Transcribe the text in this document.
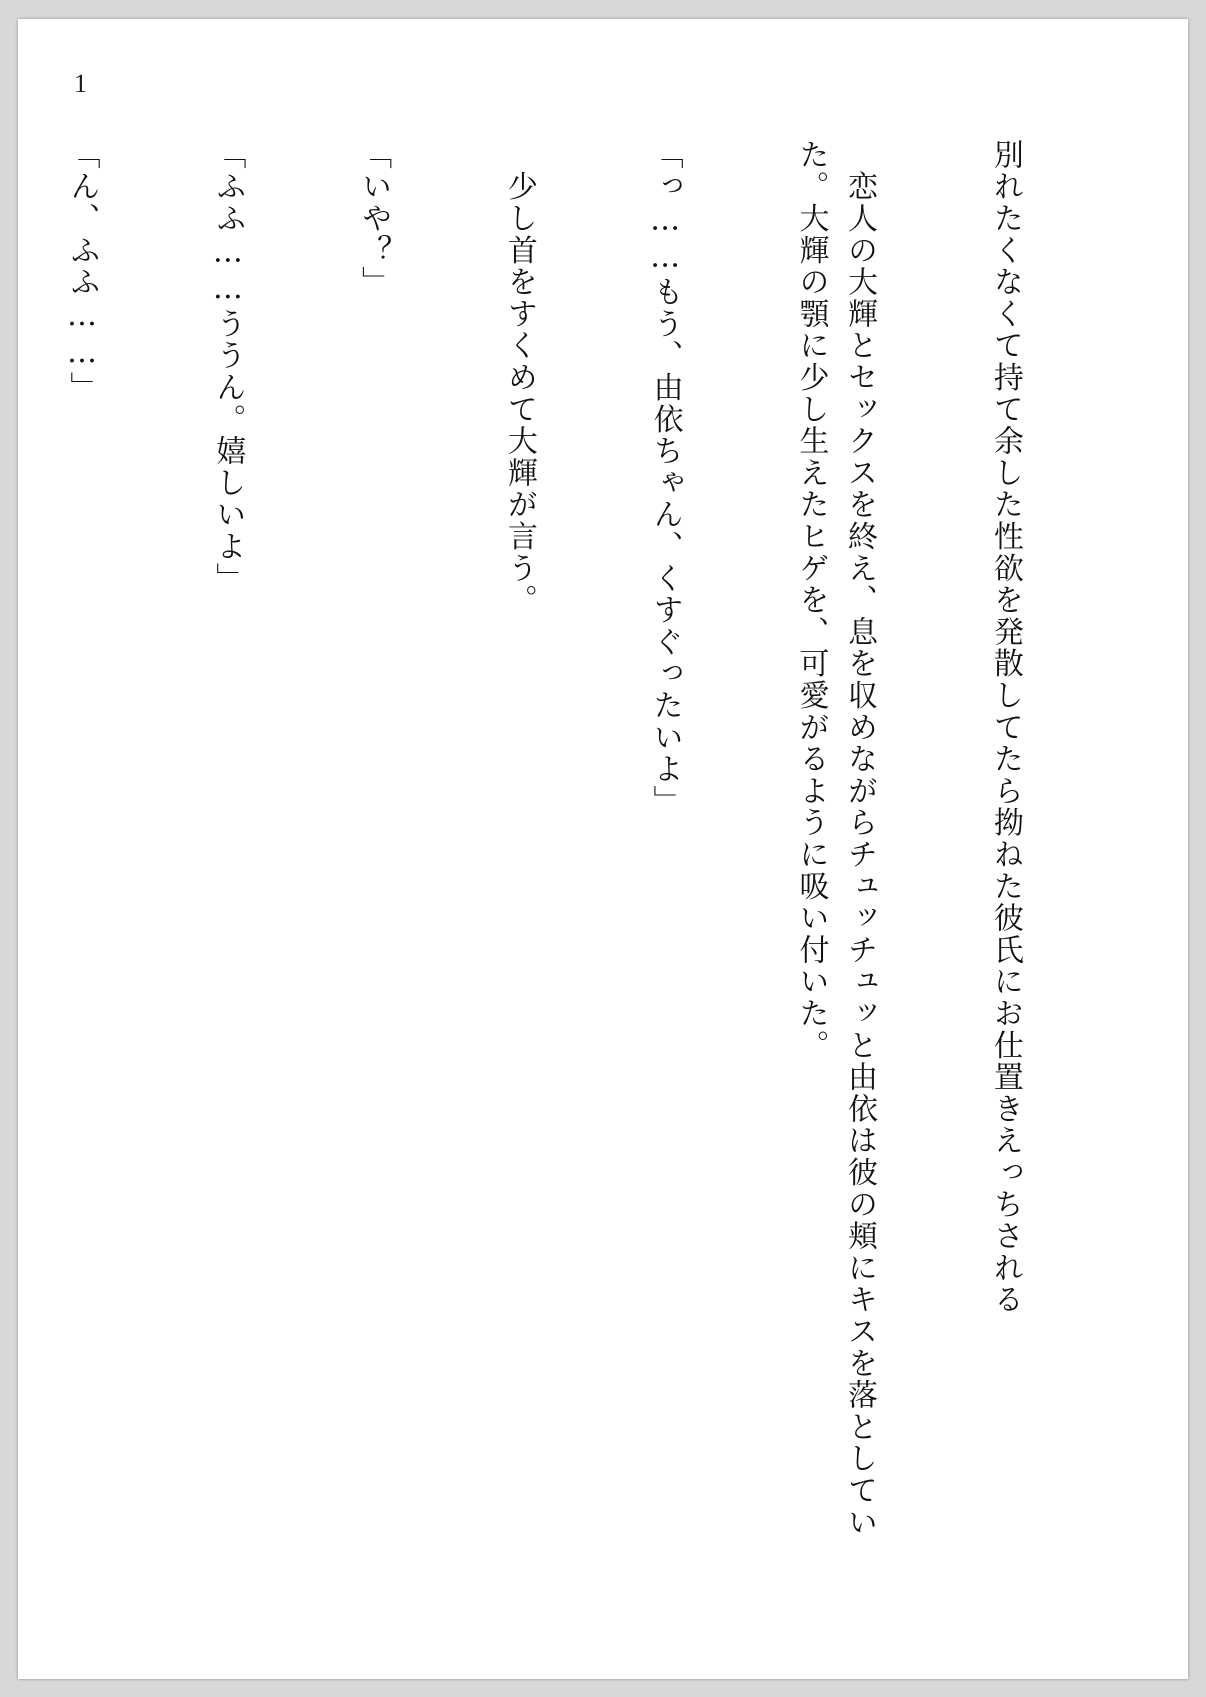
1

別れたくなくて持て余した性欲を発散してたら拗ねた彼氏にお仕置きえっちされる

　恋人の大輝とセックスを終え、息を収めながらチュッチュッと由依は彼の頬にキスを落としていた。大輝の顎に少し生えたヒゲを、可愛がるように吸い付いた。

「っ……もう、由依ちゃん、くすぐったいよ」

　少し首をすくめて大輝が言う。

「いや？」

「ふふ……ううん。嬉しいよ」

「ん、ふふ……」
